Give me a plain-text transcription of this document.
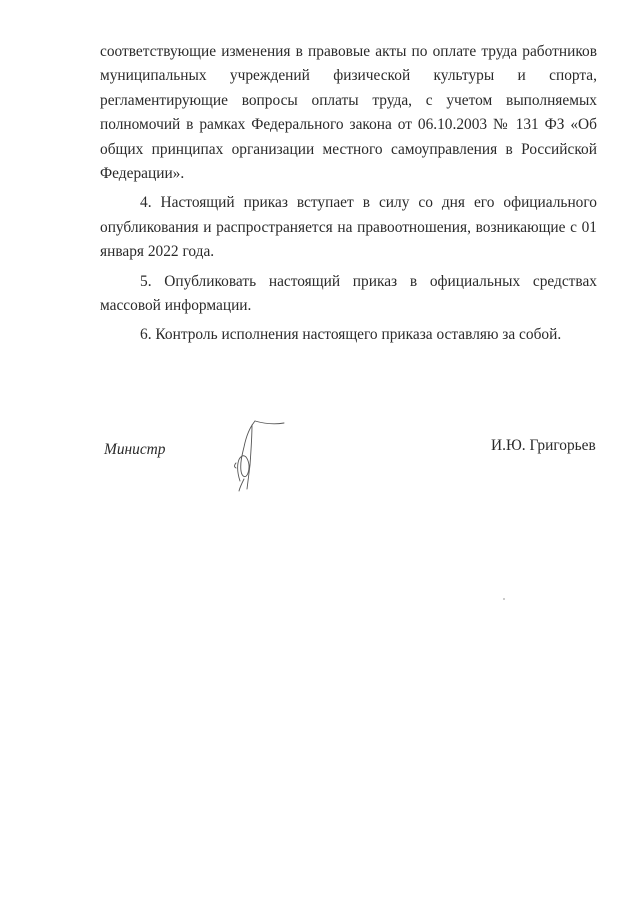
соответствующие изменения в правовые акты по оплате труда работников муниципальных учреждений физической культуры и спорта, регламентирующие вопросы оплаты труда, с учетом выполняемых полномочий в рамках Федерального закона от 06.10.2003 № 131 ФЗ «Об общих принципах организации местного самоуправления в Российской Федерации».

4. Настоящий приказ вступает в силу со дня его официального опубликования и распространяется на правоотношения, возникающие с 01 января 2022 года.

5. Опубликовать настоящий приказ в официальных средствах массовой информации.

6. Контроль исполнения настоящего приказа оставляю за собой.

Министр	И.Ю. Григорьев
